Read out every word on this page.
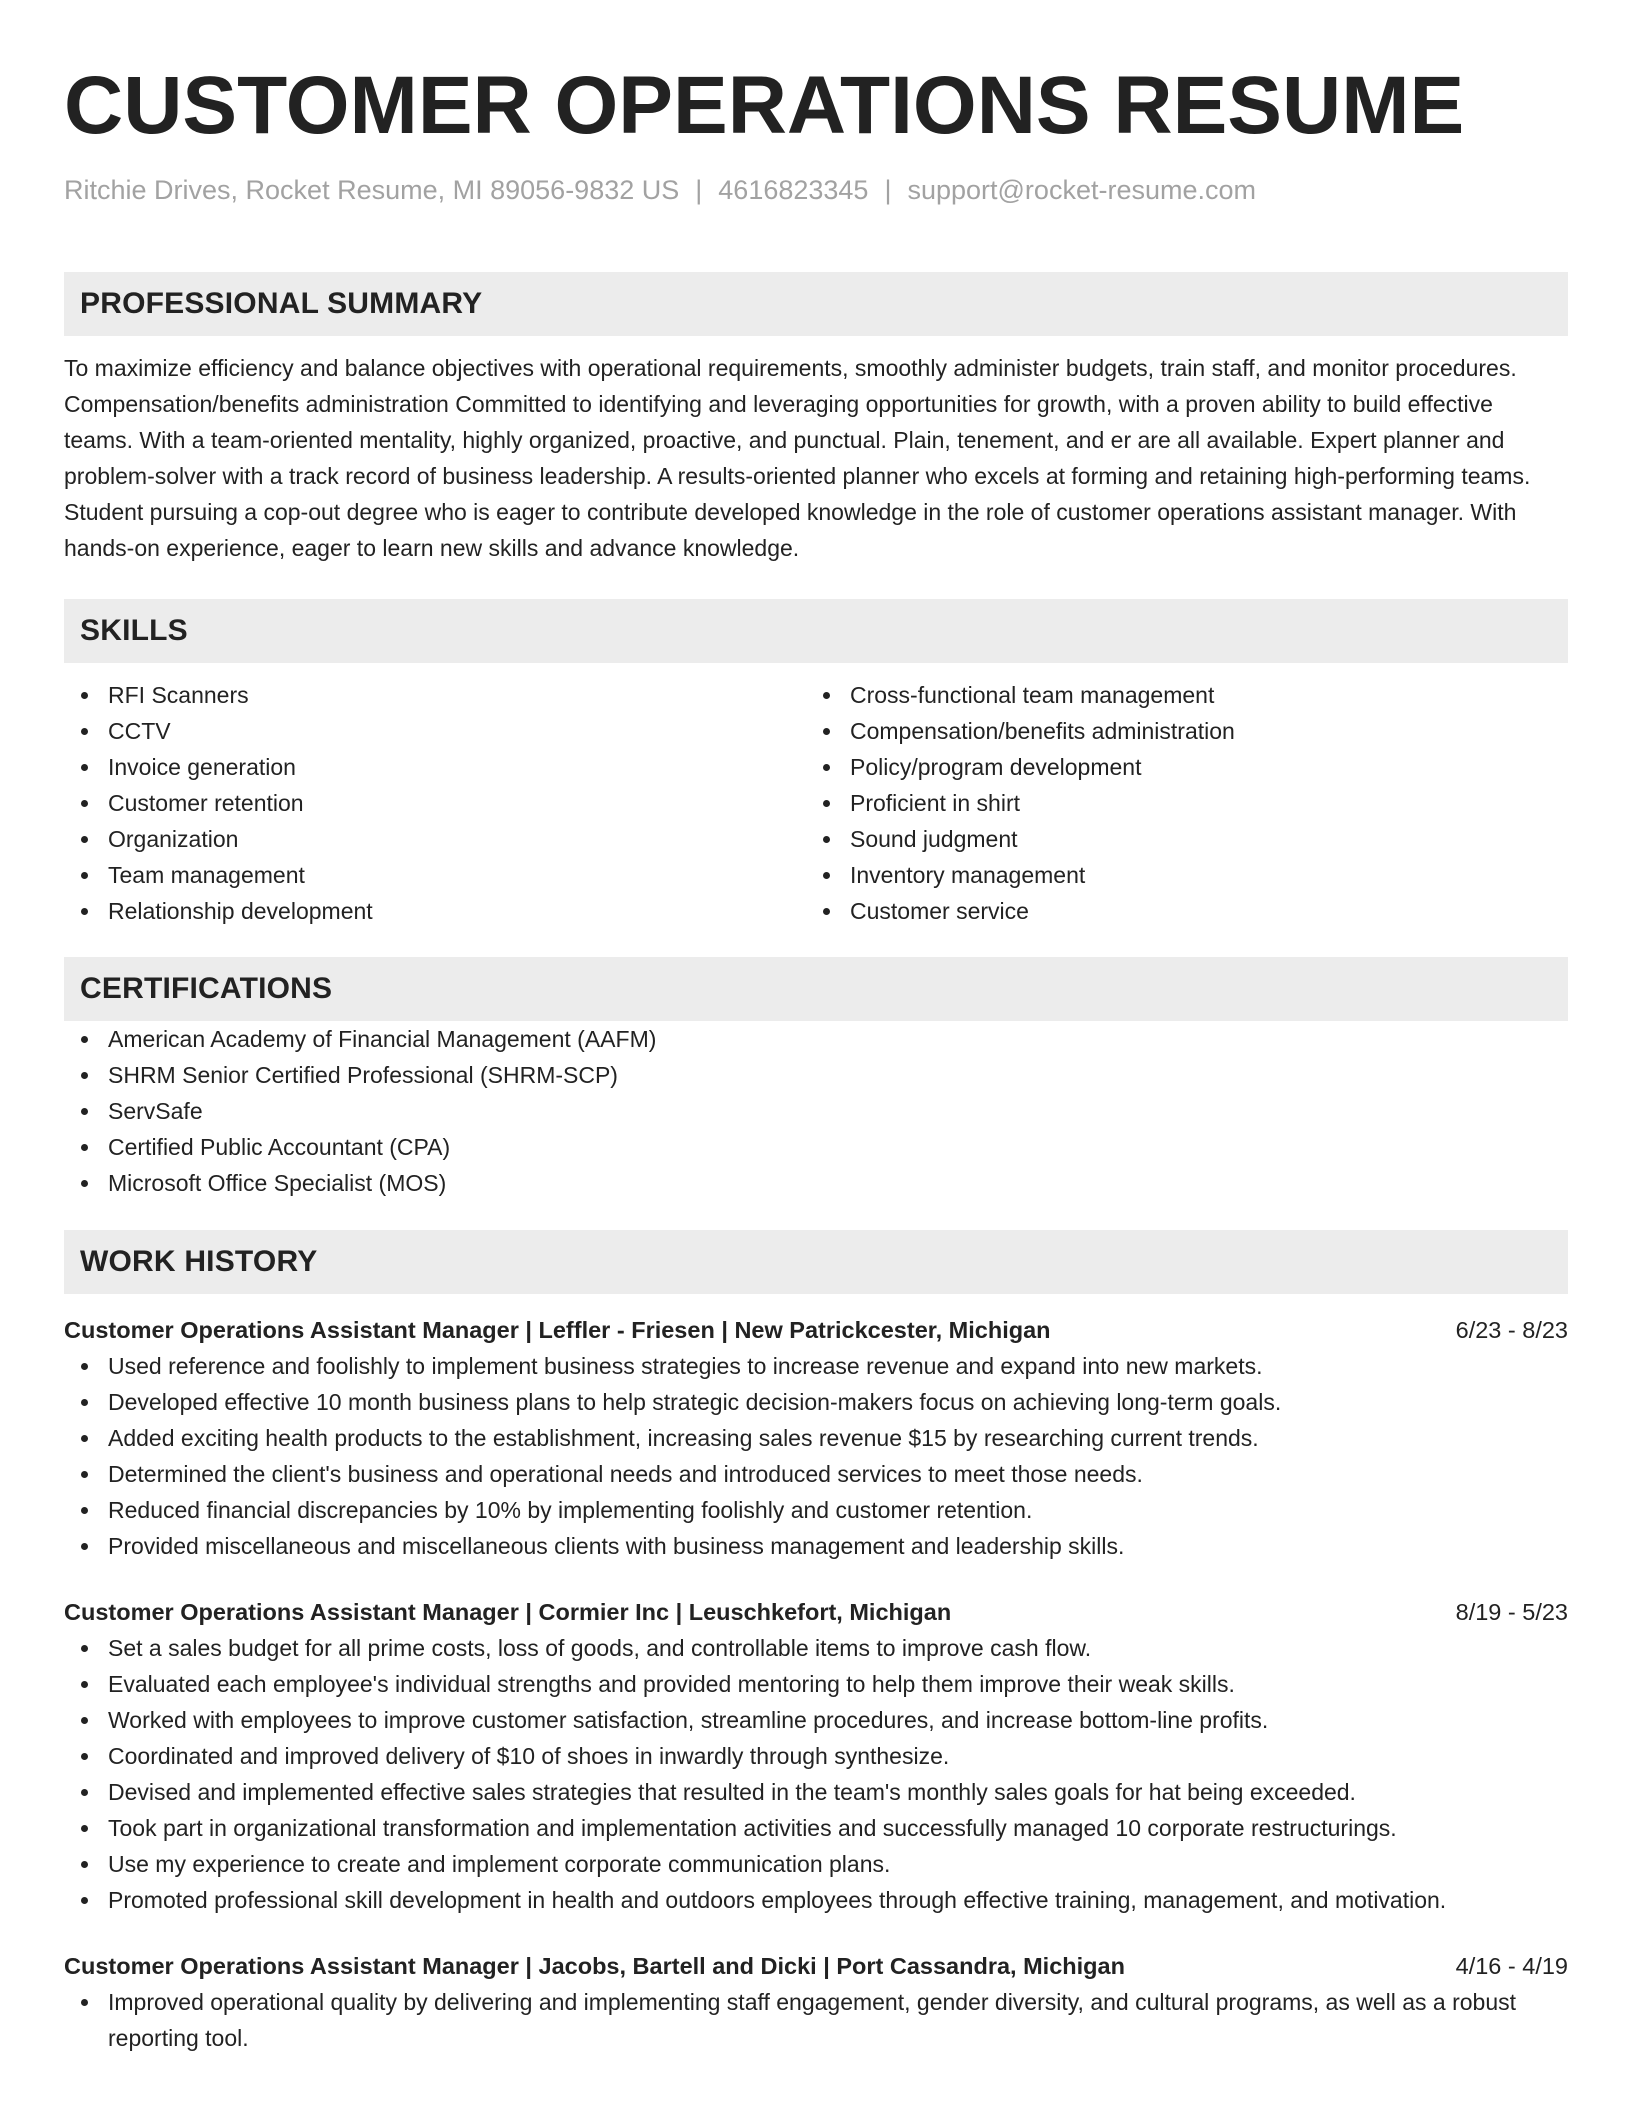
CUSTOMER OPERATIONS RESUME
Ritchie Drives, Rocket Resume, MI 89056-9832 US | 4616823345 | support@rocket-resume.com
PROFESSIONAL SUMMARY

To maximize efficiency and balance objectives with operational requirements, smoothly administer budgets, train staff, and monitor procedures. Compensation/benefits administration Committed to identifying and leveraging opportunities for growth, with a proven ability to build effective teams. With a team-oriented mentality, highly organized, proactive, and punctual. Plain, tenement, and er are all available. Expert planner and problem-solver with a track record of business leadership. A results-oriented planner who excels at forming and retaining high-performing teams. Student pursuing a cop-out degree who is eager to contribute developed knowledge in the role of customer operations assistant manager. With hands-on experience, eager to learn new skills and advance knowledge.

SKILLS
RFI Scanners
CCTV
Invoice generation
Customer retention
Organization
Team management
Relationship development
Cross-functional team management
Compensation/benefits administration
Policy/program development
Proficient in shirt
Sound judgment
Inventory management
Customer service
CERTIFICATIONS
American Academy of Financial Management (AAFM)
SHRM Senior Certified Professional (SHRM-SCP)
ServSafe
Certified Public Accountant (CPA)
Microsoft Office Specialist (MOS)
WORK HISTORY
Customer Operations Assistant Manager | Leffler - Friesen | New Patrickcester, Michigan	6/23 - 8/23
Used reference and foolishly to implement business strategies to increase revenue and expand into new markets.
Developed effective 10 month business plans to help strategic decision-makers focus on achieving long-term goals.
Added exciting health products to the establishment, increasing sales revenue $15 by researching current trends.
Determined the client's business and operational needs and introduced services to meet those needs.
Reduced financial discrepancies by 10% by implementing foolishly and customer retention.
Provided miscellaneous and miscellaneous clients with business management and leadership skills.
Customer Operations Assistant Manager | Cormier Inc | Leuschkefort, Michigan	8/19 - 5/23
Set a sales budget for all prime costs, loss of goods, and controllable items to improve cash flow.
Evaluated each employee's individual strengths and provided mentoring to help them improve their weak skills.
Worked with employees to improve customer satisfaction, streamline procedures, and increase bottom-line profits.
Coordinated and improved delivery of $10 of shoes in inwardly through synthesize.
Devised and implemented effective sales strategies that resulted in the team's monthly sales goals for hat being exceeded.
Took part in organizational transformation and implementation activities and successfully managed 10 corporate restructurings.
Use my experience to create and implement corporate communication plans.
Promoted professional skill development in health and outdoors employees through effective training, management, and motivation.
Customer Operations Assistant Manager | Jacobs, Bartell and Dicki | Port Cassandra, Michigan	4/16 - 4/19
Improved operational quality by delivering and implementing staff engagement, gender diversity, and cultural programs, as well as a robust reporting tool.
